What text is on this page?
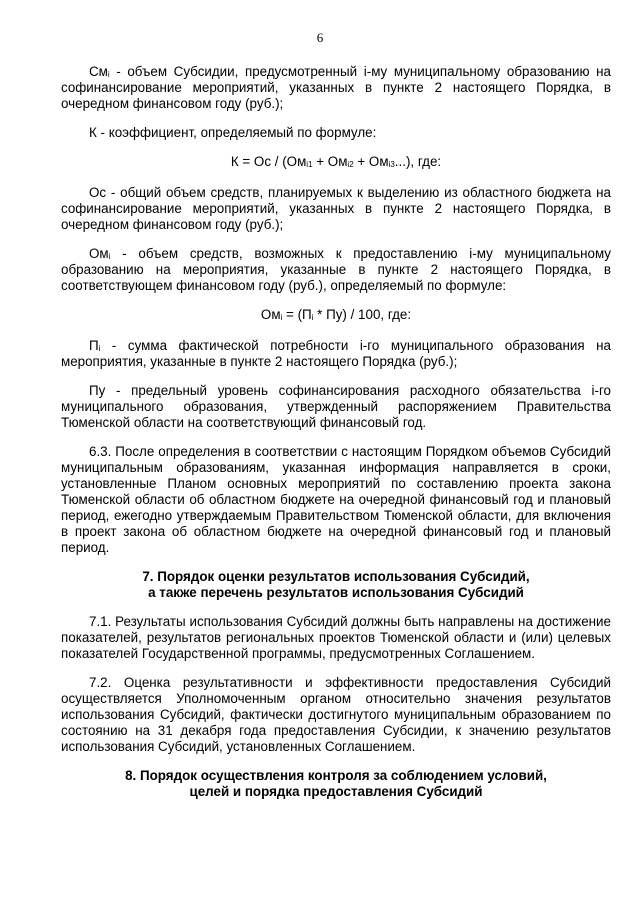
6

$См_i$ - объем Субсидии, предусмотренный i-му муниципальному образованию на софинансирование мероприятий, указанных в пункте 2 настоящего Порядка, в очередном финансовом году (руб.);

К - коэффициент, определяемый по формуле:

К = Ос / $(Ом_{i1} + Ом_{i2} + Ом_{i3}...)$, где:

Ос - общий объем средств, планируемых к выделению из областного бюджета на софинансирование мероприятий, указанных в пункте 2 настоящего Порядка, в очередном финансовом году (руб.);

$Ом_i$ - объем средств, возможных к предоставлению i-му муниципальному образованию на мероприятия, указанные в пункте 2 настоящего Порядка, в соответствующем финансовом году (руб.), определяемый по формуле:

$Ом_i = (П_i * Пу) / 100$, где:

$П_i$ - сумма фактической потребности i-го муниципального образования на мероприятия, указанные в пункте 2 настоящего Порядка (руб.);

Пу - предельный уровень софинансирования расходного обязательства i-го муниципального образования, утвержденный распоряжением Правительства Тюменской области на соответствующий финансовый год.

6.3. После определения в соответствии с настоящим Порядком объемов Субсидий муниципальным образованиям, указанная информация направляется в сроки, установленные Планом основных мероприятий по составлению проекта закона Тюменской области об областном бюджете на очередной финансовый год и плановый период, ежегодно утверждаемым Правительством Тюменской области, для включения в проект закона об областном бюджете на очередной финансовый год и плановый период.

7. Порядок оценки результатов использования Субсидий,
а также перечень результатов использования Субсидий

7.1. Результаты использования Субсидий должны быть направлены на достижение показателей, результатов региональных проектов Тюменской области и (или) целевых показателей Государственной программы, предусмотренных Соглашением.

7.2. Оценка результативности и эффективности предоставления Субсидий осуществляется Уполномоченным органом относительно значения результатов использования Субсидий, фактически достигнутого муниципальным образованием по состоянию на 31 декабря года предоставления Субсидии, к значению результатов использования Субсидий, установленных Соглашением.

8. Порядок осуществления контроля за соблюдением условий,
целей и порядка предоставления Субсидий
